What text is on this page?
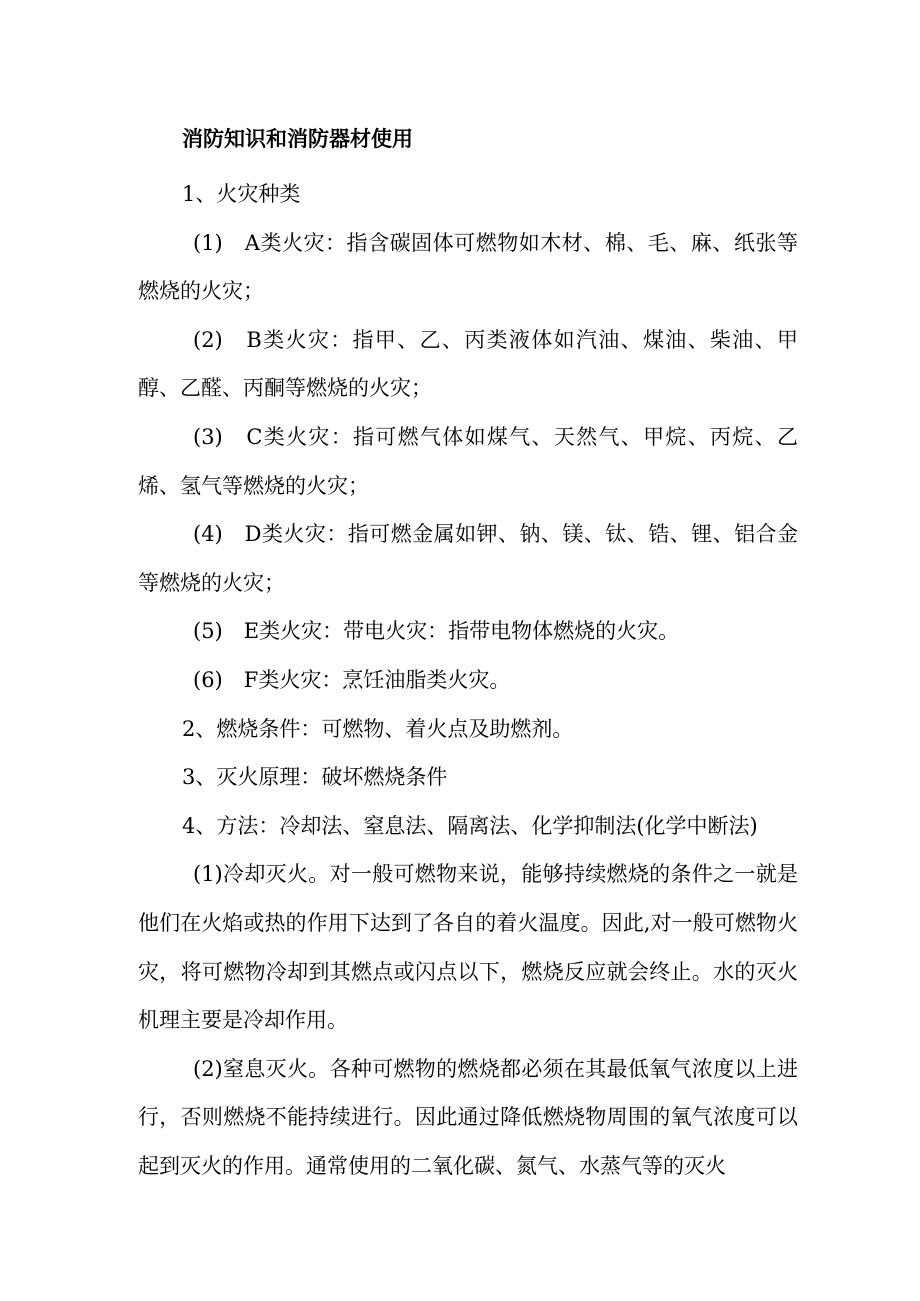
消防知识和消防器材使用

1、火灾种类

(1)　A类火灾：指含碳固体可燃物如木材、棉、毛、麻、纸张等燃烧的火灾；

(2)　B类火灾：指甲、乙、丙类液体如汽油、煤油、柴油、甲醇、乙醛、丙酮等燃烧的火灾；

(3)　C类火灾：指可燃气体如煤气、天然气、甲烷、丙烷、乙烯、氢气等燃烧的火灾；

(4)　D类火灾：指可燃金属如钾、钠、镁、钛、锆、锂、铝合金等燃烧的火灾；

(5)　E类火灾：带电火灾：指带电物体燃烧的火灾。

(6)　F类火灾：烹饪油脂类火灾。

2、燃烧条件：可燃物、着火点及助燃剂。

3、灭火原理：破坏燃烧条件

4、方法：冷却法、窒息法、隔离法、化学抑制法(化学中断法)

(1)冷却灭火。对一般可燃物来说，能够持续燃烧的条件之一就是他们在火焰或热的作用下达到了各自的着火温度。因此,对一般可燃物火灾，将可燃物冷却到其燃点或闪点以下，燃烧反应就会终止。水的灭火机理主要是冷却作用。

(2)窒息灭火。各种可燃物的燃烧都必须在其最低氧气浓度以上进行，否则燃烧不能持续进行。因此通过降低燃烧物周围的氧气浓度可以起到灭火的作用。通常使用的二氧化碳、氮气、水蒸气等的灭火
